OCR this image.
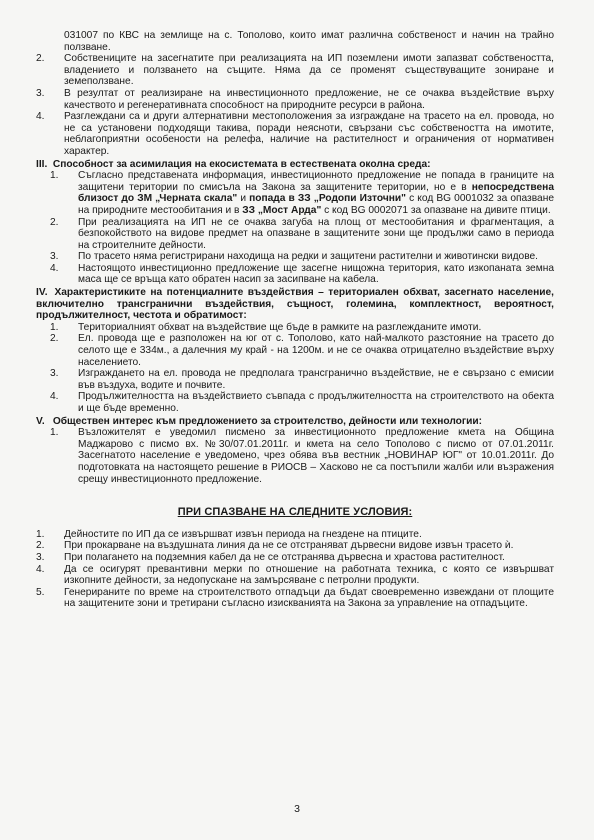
031007 по КВС на землище на с. Тополово, които имат различна собственост и начин на трайно ползване.
2.	Собствениците на засегнатите при реализацията на ИП поземлени имоти запазват собствеността, владението и ползването на същите. Няма да се променят съществуващите зониране и земеползване.
3.	В резултат от реализиране на инвестиционното предложение, не се очаква въздействие върху качеството и регенеративната способност на природните ресурси в района.
4.	Разглеждани са и други алтернативни местоположения за изграждане на трасето на ел. провода, но не са установени подходящи такива, поради неясноти, свързани със собствеността на имотите, неблагоприятни особености на релефа, наличие на растителност и ограничения от нормативен характер.
III. Способност за асимилация на екосистемата в естествената околна среда:
1.	Съгласно представената информация, инвестиционното предложение не попада в границите на защитени територии по смисъла на Закона за защитените територии, но е в непосредствена близост до ЗМ „Черната скала" и попада в ЗЗ „Родопи Източни" с код BG 0001032 за опазване на природните местообитания и в ЗЗ „Мост Арда" с код BG 0002071 за опазване на дивите птици.
2.	При реализацията на ИП не се очаква загуба на площ от местообитания и фрагментация, а безпокойството на видове предмет на опазване в защитените зони ще продължи само в периода на строителните дейности.
3.	По трасето няма регистрирани находища на редки и защитени растителни и животински видове.
4.	Настоящото инвестиционно предложение ще засегне нищожна територия, като изкопаната земна маса ще се връща като обратен насип за засипване на кабела.
IV. Характеристиките на потенциалните въздействия – териториален обхват, засегнато население, включително трансгранични въздействия, същност, големина, комплектност, вероятност, продължителност, честота и обратимост:
1.	Териториалният обхват на въздействие ще бъде в рамките на разглежданите имоти.
2.	Ел. провода ще е разположен на юг от с. Тополово, като най-малкото разстояние на трасето до селото ще е 334м., а далечния му край - на 1200м. и не се очаква отрицателно въздействие върху населението.
3.	Изграждането на ел. провода не предполага трансгранично въздействие, не е свързано с емисии във въздуха, водите и почвите.
4.	Продължителността на въздействието съвпада с продължителността на строителството на обекта и ще бъде временно.
V. Обществен интерес към предложението за строителство, дейности или технологии:
1.	Възложителят е уведомил писмено за инвестиционното предложение кмета на Община Маджарово с писмо вх. №30/07.01.2011г. и кмета на село Тополово с писмо от 07.01.2011г. Засегнатото население е уведомено, чрез обява във вестник „НОВИНАР ЮГ" от 10.01.2011г. До подготовката на настоящето решение в РИОСВ – Хасково не са постъпили жалби или възражения срещу инвестиционното предложение.
ПРИ СПАЗВАНЕ НА СЛЕДНИТЕ УСЛОВИЯ:
1.	Дейностите по ИП да се извършват извън периода на гнездене на птиците.
2.	При прокарване на въздушната линия да не се отстраняват дървесни видове извън трасето ѝ.
3.	При полагането на подземния кабел да не се отстранява дървесна и храстова растителност.
4.	Да се осигурят превантивни мерки по отношение на работната техника, с която се извършват изкопните дейности, за недопускане на замърсяване с петролни продукти.
5.	Генерираните по време на строителството отпадъци да бъдат своевременно извеждани от площите на защитените зони и третирани съгласно изискванията на Закона за управление на отпадъците.
3
